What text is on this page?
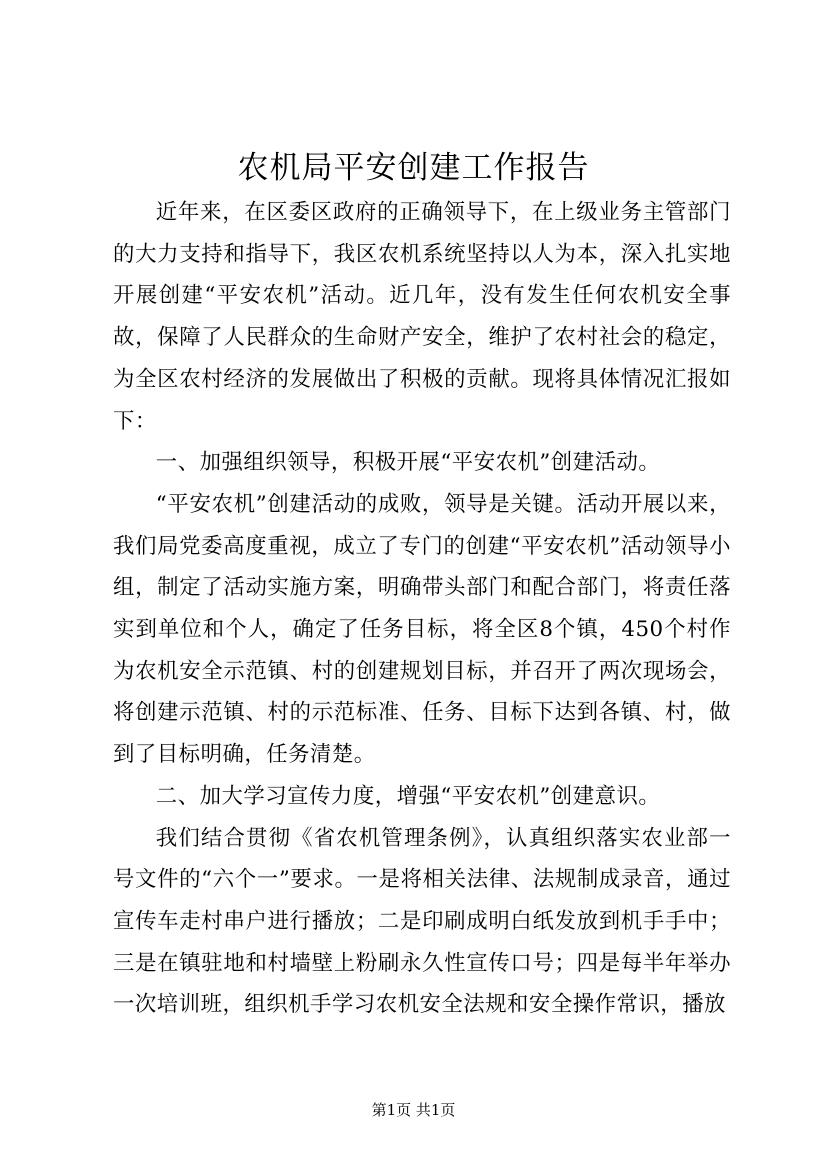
农机局平安创建工作报告

近年来，在区委区政府的正确领导下，在上级业务主管部门的大力支持和指导下，我区农机系统坚持以人为本，深入扎实地开展创建“平安农机”活动。近几年，没有发生任何农机安全事故，保障了人民群众的生命财产安全，维护了农村社会的稳定，为全区农村经济的发展做出了积极的贡献。现将具体情况汇报如下：

一、加强组织领导，积极开展“平安农机”创建活动。

“平安农机”创建活动的成败，领导是关键。活动开展以来，我们局党委高度重视，成立了专门的创建“平安农机”活动领导小组，制定了活动实施方案，明确带头部门和配合部门，将责任落实到单位和个人，确定了任务目标，将全区8个镇，450个村作为农机安全示范镇、村的创建规划目标，并召开了两次现场会，将创建示范镇、村的示范标准、任务、目标下达到各镇、村，做到了目标明确，任务清楚。

二、加大学习宣传力度，增强“平安农机”创建意识。

我们结合贯彻《省农机管理条例》，认真组织落实农业部一号文件的“六个一”要求。一是将相关法律、法规制成录音，通过宣传车走村串户进行播放；二是印刷成明白纸发放到机手手中；三是在镇驻地和村墙壁上粉刷永久性宣传口号；四是每半年举办一次培训班，组织机手学习农机安全法规和安全操作常识，播放

第1页 共1页
